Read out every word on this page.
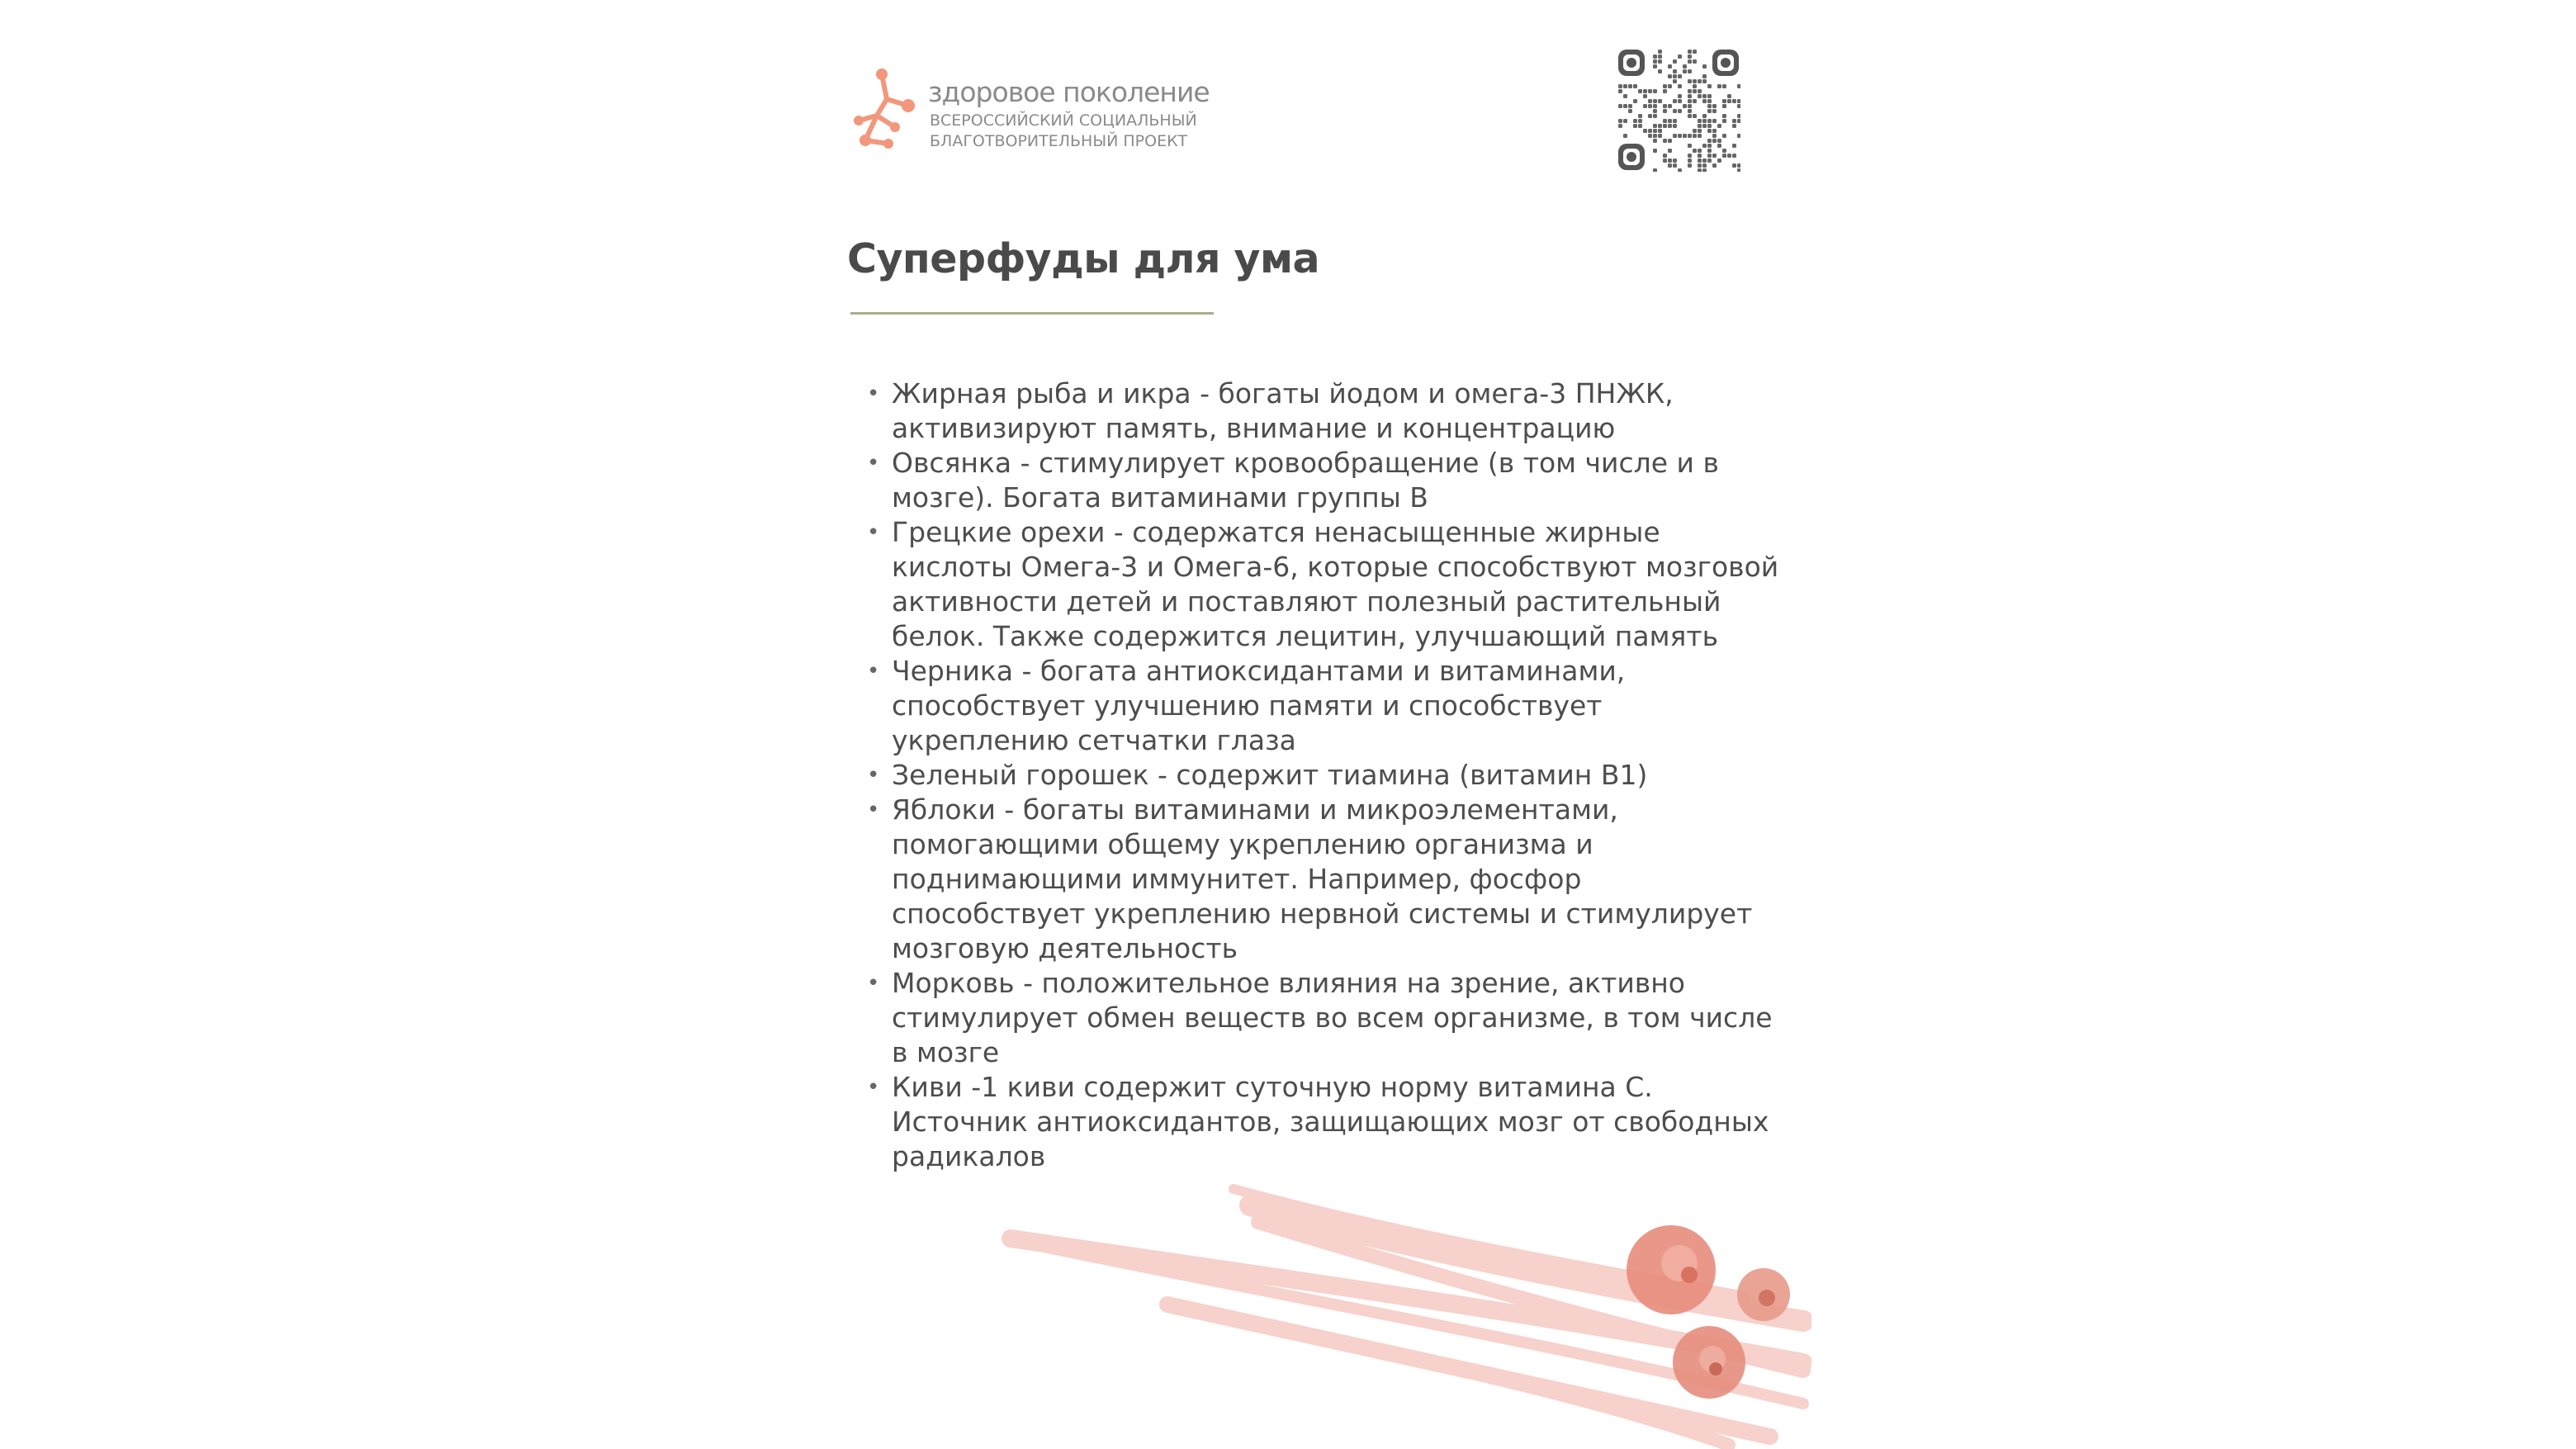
здоровое поколение
ВСЕРОССИЙСКИЙ СОЦИАЛЬНЫЙ
БЛАГОТВОРИТЕЛЬНЫЙ ПРОЕКТ
Суперфуды для ума
• Жирная рыба и икра - богаты йодом и омега-3 ПНЖК,
активизируют память, внимание и концентрацию
• Овсянка - стимулирует кровообращение (в том числе и в
мозге). Богата витаминами группы В
• Грецкие орехи - содержатся ненасыщенные жирные
кислоты Омега-3 и Омега-6, которые способствуют мозговой
активности детей и поставляют полезный растительный
белок. Также содержится лецитин, улучшающий память
• Черника - богата антиоксидантами и витаминами,
способствует улучшению памяти и способствует
укреплению сетчатки глаза
• Зеленый горошек - содержит тиамина (витамин В1)
• Яблоки - богаты витаминами и микроэлементами,
помогающими общему укреплению организма и
поднимающими иммунитет. Например, фосфор
способствует укреплению нервной системы и стимулирует
мозговую деятельность
• Морковь - положительное влияния на зрение, активно
стимулирует обмен веществ во всем организме, в том числе
в мозге
• Киви -1 киви содержит суточную норму витамина С.
Источник антиоксидантов, защищающих мозг от свободных
радикалов
